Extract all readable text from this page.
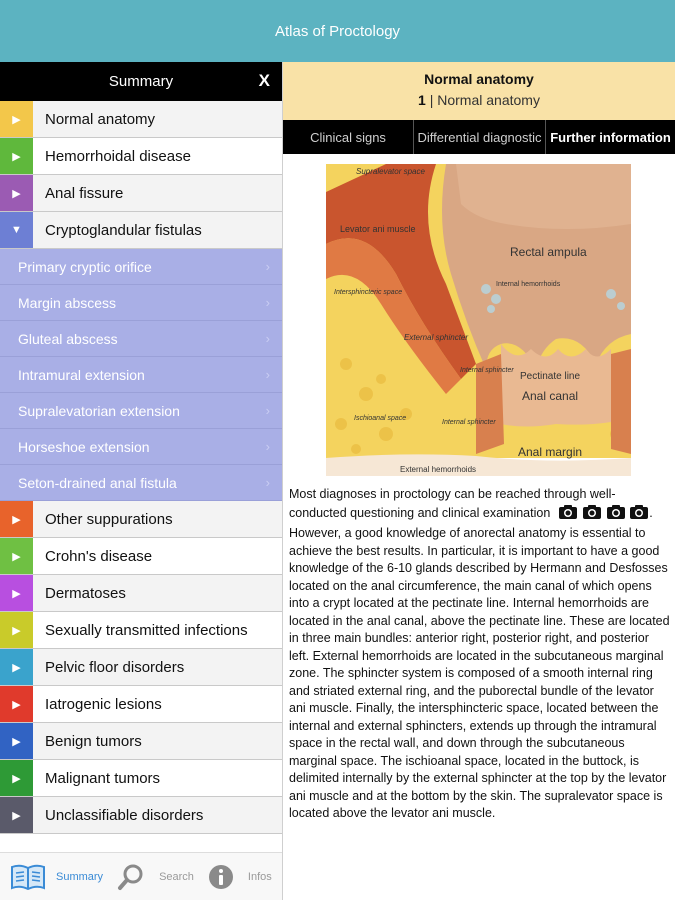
Atlas of Proctology
Summary	X
▶	Normal anatomy
▶	Hemorrhoidal disease
▶	Anal fissure
▼	Cryptoglandular fistulas
Primary cryptic orifice	›
Margin abscess	›
Gluteal abscess	›
Intramural extension	›
Supralevatorian extension	›
Horseshoe extension	›
Seton-drained anal fistula	›
▶	Other suppurations
▶	Crohn's disease
▶	Dermatoses
▶	Sexually transmitted infections
▶	Pelvic floor disorders
▶	Iatrogenic lesions
▶	Benign tumors
▶	Malignant tumors
▶	Unclassifiable disorders
Summary	Search	Infos
Normal anatomy
1 | Normal anatomy
Clinical signs	Differential diagnostic Further information
Supralevator space
Levator ani muscle
Rectal ampula
Internal hemorrhoids
Intersphincteric space
External sphincter
Internal sphincter
Pectinate line
Anal canal
Ischioanal space
Internal sphincter
Anal margin
External hemorrhoids
Most diagnoses in proctology can be reached through well-conducted questioning and clinical examination	. However, a good knowledge of anorectal anatomy is essential to achieve the best results. In particular, it is important to have a good knowledge of the 6-10 glands described by Hermann and Desfosses located on the anal circumference, the main canal of which opens into a crypt located at the pectinate line. Internal hemorrhoids are located in the anal canal, above the pectinate line. These are located in three main bundles: anterior right, posterior right, and posterior left. External hemorrhoids are located in the subcutaneous marginal zone. The sphincter system is composed of a smooth internal ring and striated external ring, and the puborectal bundle of the levator ani muscle. Finally, the intersphincteric space, located between the internal and external sphincters, extends up through the intramural space in the rectal wall, and down through the subcutaneous marginal space. The ischioanal space, located in the buttock, is delimited internally by the external sphincter at the top by the levator ani muscle and at the bottom by the skin. The supralevator space is located above the levator ani muscle.
